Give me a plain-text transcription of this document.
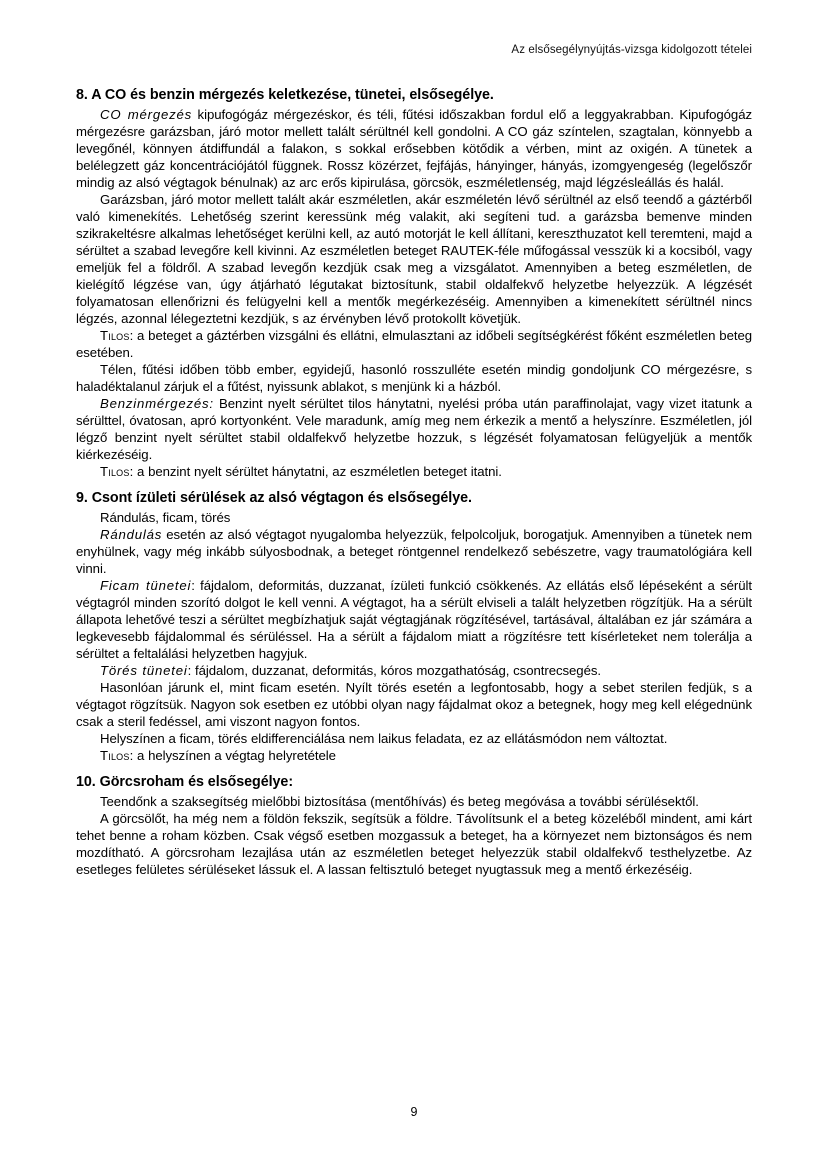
Az elsősegélynyújtás-vizsga kidolgozott tételei
8. A CO és benzin mérgezés keletkezése, tünetei, elsősegélye.

CO mérgezés kipufogógáz mérgezéskor, és téli, fűtési időszakban fordul elő a leggyakrabban. Kipufogógáz mérgezésre garázsban, járó motor mellett talált sérültnél kell gondolni. A CO gáz színtelen, szagtalan, könnyebb a levegőnél, könnyen átdiffundál a falakon, s sokkal erősebben kötődik a vérben, mint az oxigén. A tünetek a belélegzett gáz koncentrációjától függnek. Rossz közérzet, fejfájás, hányinger, hányás, izomgyengeség (legelőszőr mindig az alsó végtagok bénulnak) az arc erős kipirulása, görcsök, eszméletlenség, majd légzésleállás és halál.

Garázsban, járó motor mellett talált akár eszméletlen, akár eszméletén lévő sérültnél az első teendő a gáztérből való kimenekítés. Lehetőség szerint keressünk még valakit, aki segíteni tud. a garázsba bemenve minden szikrakeltésre alkalmas lehetőséget kerülni kell, az autó motorját le kell állítani, kereszthuzatot kell teremteni, majd a sérültet a szabad levegőre kell kivinni. Az eszméletlen beteget RAUTEK-féle műfogással vesszük ki a kocsiból, vagy emeljük fel a földről. A szabad levegőn kezdjük csak meg a vizsgálatot. Amennyiben a beteg eszméletlen, de kielégítő légzése van, úgy átjárható légutakat biztosítunk, stabil oldalfekvő helyzetbe helyezzük. A légzését folyamatosan ellenőrizni és felügyelni kell a mentők megérkezéséig. Amennyiben a kimenekített sérültnél nincs légzés, azonnal lélegeztetni kezdjük, s az érvényben lévő protokollt követjük.

Tilos: a beteget a gáztérben vizsgálni és ellátni, elmulasztani az időbeli segítségkérést főként eszméletlen beteg esetében.

Télen, fűtési időben több ember, egyidejű, hasonló rosszulléte esetén mindig gondoljunk CO mérgezésre, s haladéktalanul zárjuk el a fűtést, nyissunk ablakot, s menjünk ki a házból.

Benzinmérgezés: Benzint nyelt sérültet tilos hánytatni, nyelési próba után paraffinolajat, vagy vizet itatunk a sérülttel, óvatosan, apró kortyonként. Vele maradunk, amíg meg nem érkezik a mentő a helyszínre. Eszméletlen, jól légző benzint nyelt sérültet stabil oldalfekvő helyzetbe hozzuk, s légzését folyamatosan felügyeljük a mentők kiérkezéséig.

Tilos: a benzint nyelt sérültet hánytatni, az eszméletlen beteget itatni.

9. Csont ízületi sérülések az alsó végtagon és elsősegélye.

Rándulás, ficam, törés

Rándulás esetén az alsó végtagot nyugalomba helyezzük, felpolcoljuk, borogatjuk. Amennyiben a tünetek nem enyhülnek, vagy még inkább súlyosbodnak, a beteget röntgennel rendelkező sebészetre, vagy traumatológiára kell vinni.

Ficam tünetei: fájdalom, deformitás, duzzanat, ízületi funkció csökkenés. Az ellátás első lépéseként a sérült végtagról minden szorító dolgot le kell venni. A végtagot, ha a sérült elviseli a talált helyzetben rögzítjük. Ha a sérült állapota lehetővé teszi a sérültet megbízhatjuk saját végtagjának rögzítésével, tartásával, általában ez jár számára a legkevesebb fájdalommal és sérüléssel. Ha a sérült a fájdalom miatt a rögzítésre tett kísérleteket nem tolerálja a sérültet a feltalálási helyzetben hagyjuk.

Törés tünetei: fájdalom, duzzanat, deformitás, kóros mozgathatóság, csontrecsegés.

Hasonlóan járunk el, mint ficam esetén. Nyílt törés esetén a legfontosabb, hogy a sebet sterilen fedjük, s a végtagot rögzítsük. Nagyon sok esetben ez utóbbi olyan nagy fájdalmat okoz a betegnek, hogy meg kell elégednünk csak a steril fedéssel, ami viszont nagyon fontos.

Helyszínen a ficam, törés eldifferenciálása nem laikus feladata, ez az ellátásmódon nem változtat.

Tilos: a helyszínen a végtag helyretétele

10. Görcsroham és elsősegélye:

Teendőnk a szaksegítség mielőbbi biztosítása (mentőhívás) és beteg megóvása a további sérülésektől.

A görcsölőt, ha még nem a földön fekszik, segítsük a földre. Távolítsunk el a beteg közeléből mindent, ami kárt tehet benne a roham közben. Csak végső esetben mozgassuk a beteget, ha a környezet nem biztonságos és nem mozdítható. A görcsroham lezajlása után az eszméletlen beteget helyezzük stabil oldalfekvő testhelyzetbe. Az esetleges felületes sérüléseket lássuk el. A lassan feltisztuló beteget nyugtassuk meg a mentő érkezéséig.

9
